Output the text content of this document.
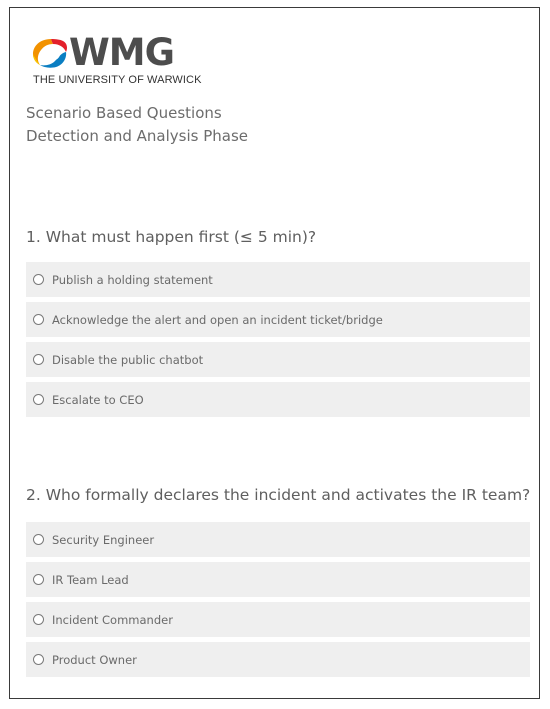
WMG
THE UNIVERSITY OF WARWICK
Scenario Based Questions
Detection and Analysis Phase
1. What must happen first (≤ 5 min)?
Publish a holding statement
Acknowledge the alert and open an incident ticket/bridge
Disable the public chatbot
Escalate to CEO
2. Who formally declares the incident and activates the IR team?
Security Engineer
IR Team Lead
Incident Commander
Product Owner
